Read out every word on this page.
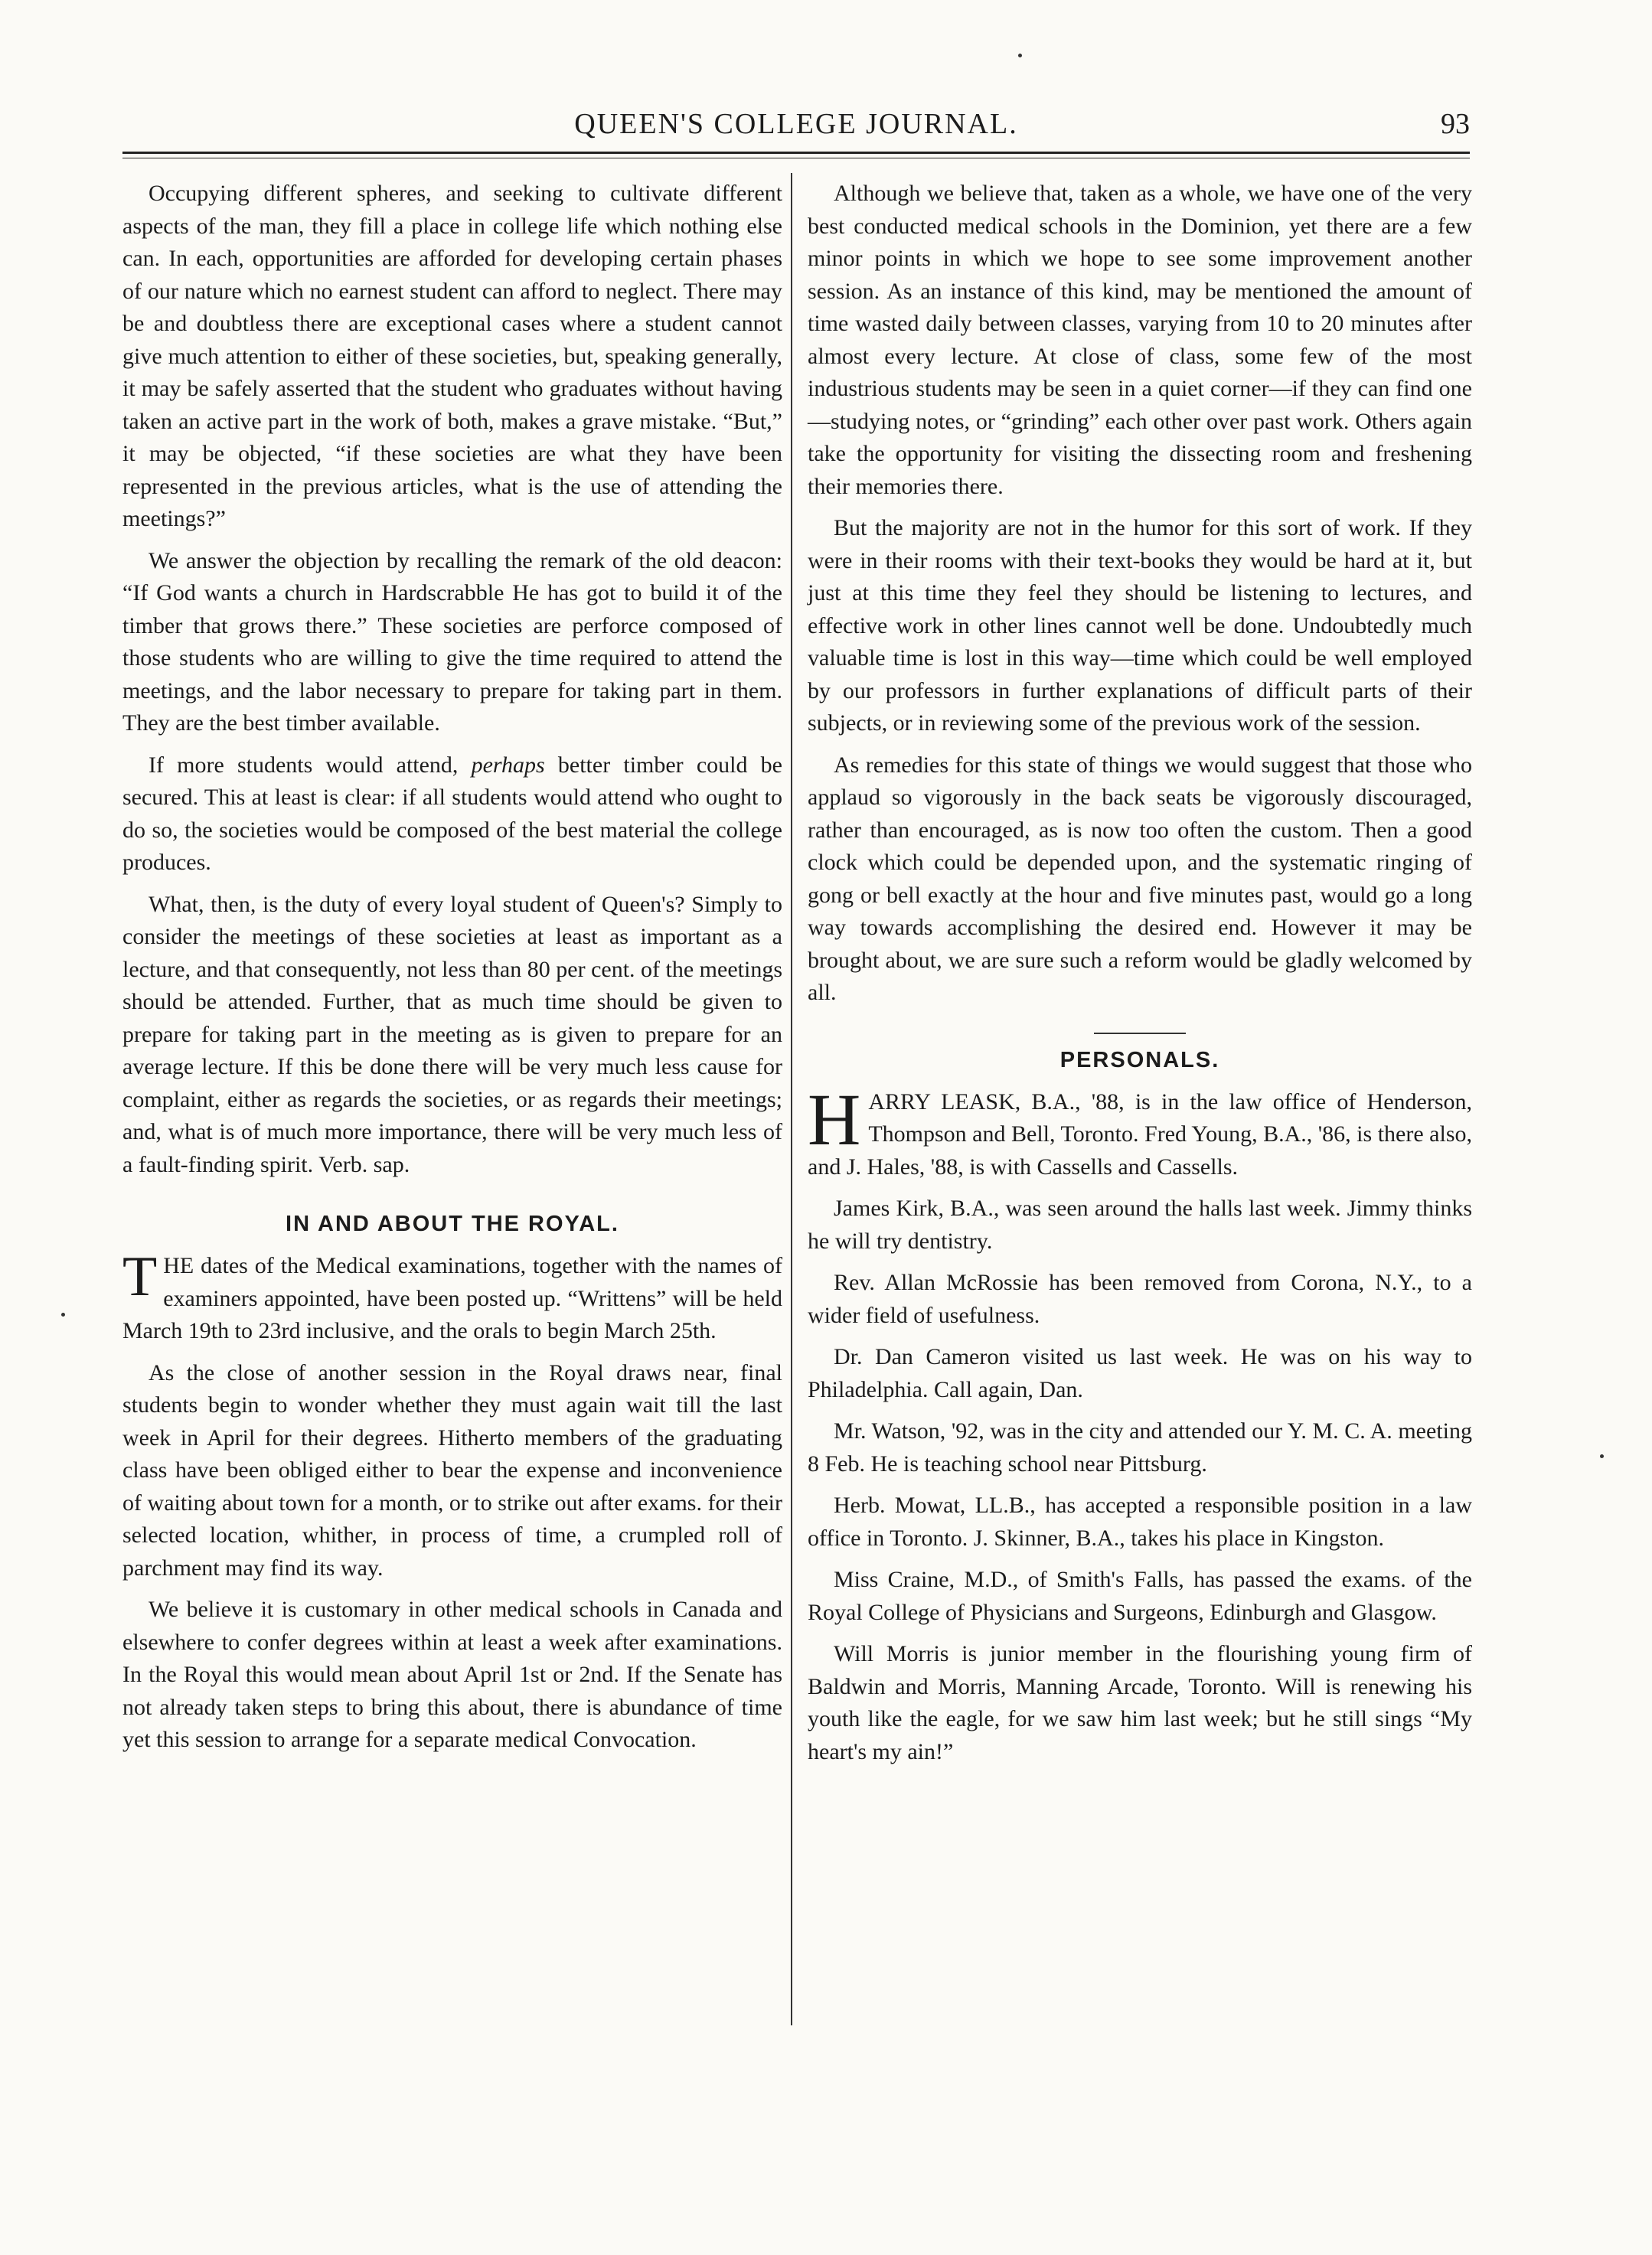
QUEEN'S COLLEGE JOURNAL.	93

Occupying different spheres, and seeking to cultivate different aspects of the man, they fill a place in college life which nothing else can. In each, opportunities are afforded for developing certain phases of our nature which no earnest student can afford to neglect. There may be and doubtless there are exceptional cases where a student cannot give much attention to either of these societies, but, speaking generally, it may be safely asserted that the student who graduates without having taken an active part in the work of both, makes a grave mistake. “But,” it may be objected, “if these societies are what they have been represented in the previous articles, what is the use of attending the meetings?”

We answer the objection by recalling the remark of the old deacon: “If God wants a church in Hardscrabble He has got to build it of the timber that grows there.” These societies are perforce composed of those students who are willing to give the time required to attend the meetings, and the labor necessary to prepare for taking part in them. They are the best timber available.

If more students would attend, perhaps better timber could be secured. This at least is clear: if all students would attend who ought to do so, the societies would be composed of the best material the college produces.

What, then, is the duty of every loyal student of Queen's? Simply to consider the meetings of these societies at least as important as a lecture, and that consequently, not less than 80 per cent. of the meetings should be attended. Further, that as much time should be given to prepare for taking part in the meeting as is given to prepare for an average lecture. If this be done there will be very much less cause for complaint, either as regards the societies, or as regards their meetings; and, what is of much more importance, there will be very much less of a fault-finding spirit. Verb. sap.

IN AND ABOUT THE ROYAL.

THE dates of the Medical examinations, together with the names of examiners appointed, have been posted up. “Writtens” will be held March 19th to 23rd inclusive, and the orals to begin March 25th.

As the close of another session in the Royal draws near, final students begin to wonder whether they must again wait till the last week in April for their degrees. Hitherto members of the graduating class have been obliged either to bear the expense and inconvenience of waiting about town for a month, or to strike out after exams. for their selected location, whither, in process of time, a crumpled roll of parchment may find its way.

We believe it is customary in other medical schools in Canada and elsewhere to confer degrees within at least a week after examinations. In the Royal this would mean about April 1st or 2nd. If the Senate has not already taken steps to bring this about, there is abundance of time yet this session to arrange for a separate medical Convocation.

Although we believe that, taken as a whole, we have one of the very best conducted medical schools in the Dominion, yet there are a few minor points in which we hope to see some improvement another session. As an instance of this kind, may be mentioned the amount of time wasted daily between classes, varying from 10 to 20 minutes after almost every lecture. At close of class, some few of the most industrious students may be seen in a quiet corner—if they can find one—studying notes, or “grinding” each other over past work. Others again take the opportunity for visiting the dissecting room and freshening their memories there.

But the majority are not in the humor for this sort of work. If they were in their rooms with their text-books they would be hard at it, but just at this time they feel they should be listening to lectures, and effective work in other lines cannot well be done. Undoubtedly much valuable time is lost in this way—time which could be well employed by our professors in further explanations of difficult parts of their subjects, or in reviewing some of the previous work of the session.

As remedies for this state of things we would suggest that those who applaud so vigorously in the back seats be vigorously discouraged, rather than encouraged, as is now too often the custom. Then a good clock which could be depended upon, and the systematic ringing of gong or bell exactly at the hour and five minutes past, would go a long way towards accomplishing the desired end. However it may be brought about, we are sure such a reform would be gladly welcomed by all.

PERSONALS.

HARRY LEASK, B.A., '88, is in the law office of Henderson, Thompson and Bell, Toronto. Fred Young, B.A., '86, is there also, and J. Hales, '88, is with Cassells and Cassells.

James Kirk, B.A., was seen around the halls last week. Jimmy thinks he will try dentistry.

Rev. Allan McRossie has been removed from Corona, N.Y., to a wider field of usefulness.

Dr. Dan Cameron visited us last week. He was on his way to Philadelphia. Call again, Dan.

Mr. Watson, '92, was in the city and attended our Y. M. C. A. meeting 8 Feb. He is teaching school near Pittsburg.

Herb. Mowat, LL.B., has accepted a responsible position in a law office in Toronto. J. Skinner, B.A., takes his place in Kingston.

Miss Craine, M.D., of Smith's Falls, has passed the exams. of the Royal College of Physicians and Surgeons, Edinburgh and Glasgow.

Will Morris is junior member in the flourishing young firm of Baldwin and Morris, Manning Arcade, Toronto. Will is renewing his youth like the eagle, for we saw him last week; but he still sings “My heart's my ain!”
